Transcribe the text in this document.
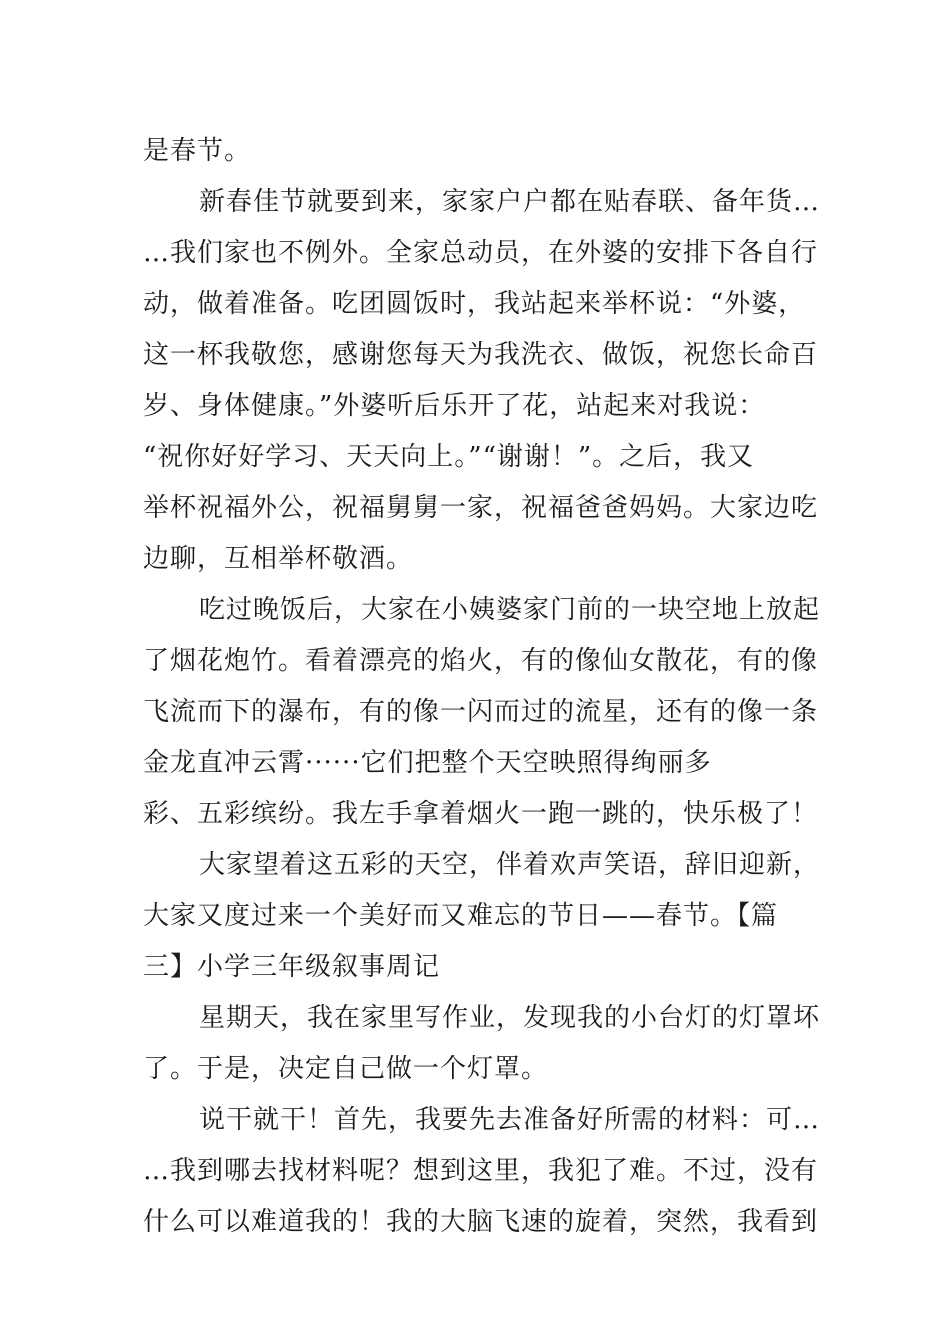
是春节。
新春佳节就要到来，家家户户都在贴春联、备年货…
…我们家也不例外。全家总动员，在外婆的安排下各自行
动，做着准备。吃团圆饭时，我站起来举杯说：“外婆，
这一杯我敬您，感谢您每天为我洗衣、做饭，祝您长命百
岁、身体健康。”外婆听后乐开了花，站起来对我说：
“祝你好好学习、天天向上。”“谢谢！”。之后，我又
举杯祝福外公，祝福舅舅一家，祝福爸爸妈妈。大家边吃
边聊，互相举杯敬酒。
吃过晚饭后，大家在小姨婆家门前的一块空地上放起
了烟花炮竹。看着漂亮的焰火，有的像仙女散花，有的像
飞流而下的瀑布，有的像一闪而过的流星，还有的像一条
金龙直冲云霄······它们把整个天空映照得绚丽多
彩、五彩缤纷。我左手拿着烟火一跑一跳的，快乐极了！
大家望着这五彩的天空，伴着欢声笑语，辞旧迎新，
大家又度过来一个美好而又难忘的节日——春节。【篇
三】小学三年级叙事周记
星期天，我在家里写作业，发现我的小台灯的灯罩坏
了。于是，决定自己做一个灯罩。
说干就干！首先，我要先去准备好所需的材料：可…
…我到哪去找材料呢？想到这里，我犯了难。不过，没有
什么可以难道我的！我的大脑飞速的旋着，突然，我看到
